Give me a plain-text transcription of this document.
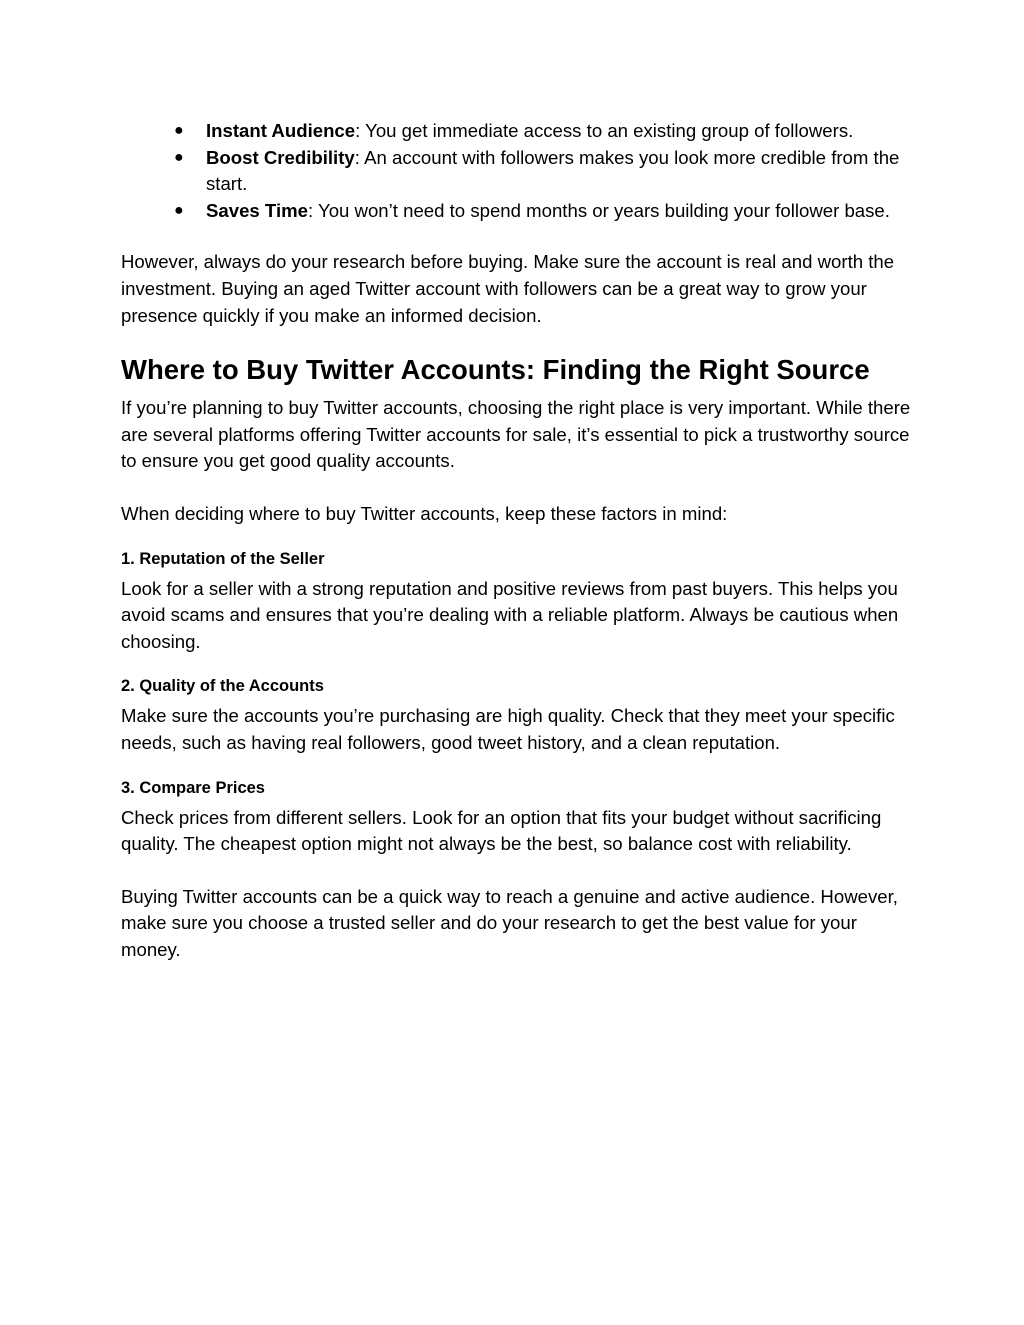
● Instant Audience: You get immediate access to an existing group of followers.
● Boost Credibility: An account with followers makes you look more credible from the start.
● Saves Time: You won’t need to spend months or years building your follower base.

However, always do your research before buying. Make sure the account is real and worth the investment. Buying an aged Twitter account with followers can be a great way to grow your presence quickly if you make an informed decision.

Where to Buy Twitter Accounts: Finding the Right Source

If you’re planning to buy Twitter accounts, choosing the right place is very important. While there are several platforms offering Twitter accounts for sale, it’s essential to pick a trustworthy source to ensure you get good quality accounts.

When deciding where to buy Twitter accounts, keep these factors in mind:

1. Reputation of the Seller

Look for a seller with a strong reputation and positive reviews from past buyers. This helps you avoid scams and ensures that you’re dealing with a reliable platform. Always be cautious when choosing.

2. Quality of the Accounts

Make sure the accounts you’re purchasing are high quality. Check that they meet your specific needs, such as having real followers, good tweet history, and a clean reputation.

3. Compare Prices

Check prices from different sellers. Look for an option that fits your budget without sacrificing quality. The cheapest option might not always be the best, so balance cost with reliability.

Buying Twitter accounts can be a quick way to reach a genuine and active audience. However, make sure you choose a trusted seller and do your research to get the best value for your money.
